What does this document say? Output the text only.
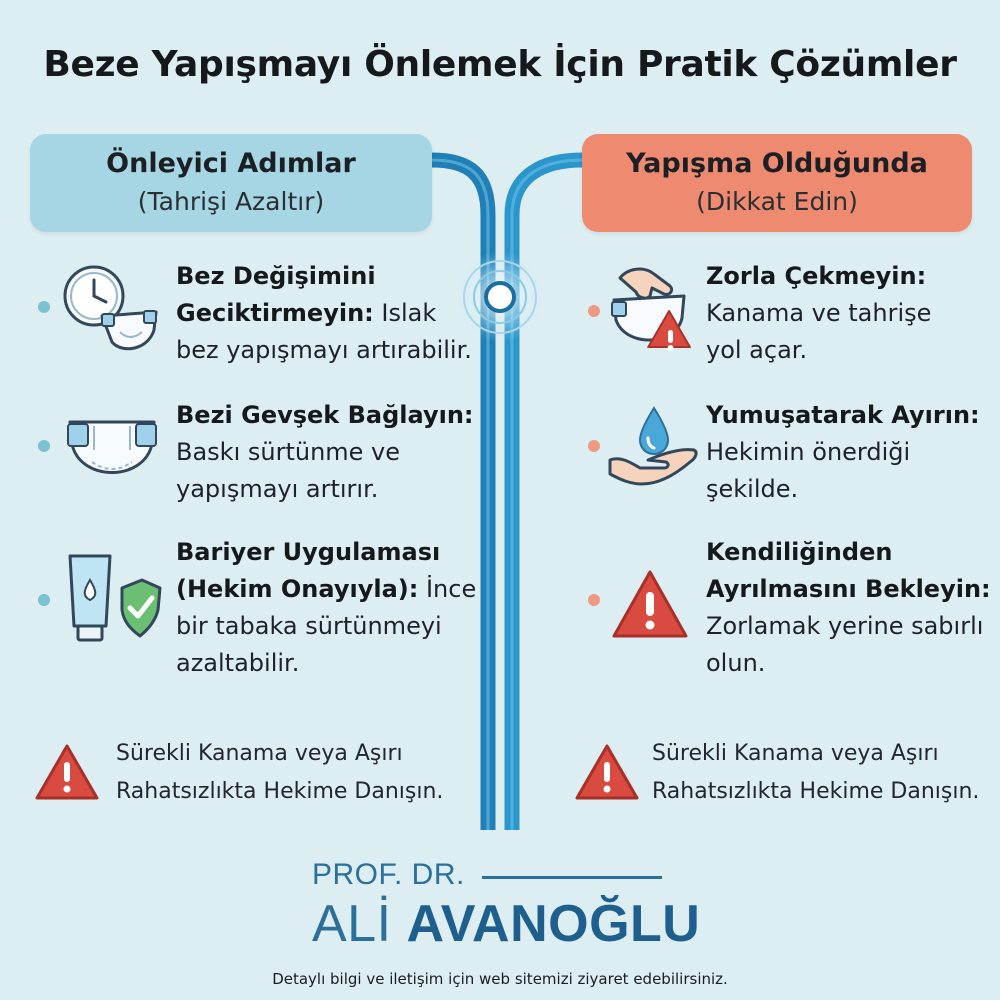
Beze Yapışmayı Önlemek İçin Pratik Çözümler
Önleyici Adımlar
(Tahrişi Azaltır)
Yapışma Olduğunda
(Dikkat Edin)
Bez Değişimini
Geciktirmeyin: Islak
bez yapışmayı artırabilir.
Bezi Gevşek Bağlayın:
Baskı sürtünme ve
yapışmayı artırır.
Bariyer Uygulaması
(Hekim Onayıyla): İnce
bir tabaka sürtünmeyi
azaltabilir.
Sürekli Kanama veya Aşırı
Rahatsızlıkta Hekime Danışın.
Zorla Çekmeyin:
Kanama ve tahrişe
yol açar.
Yumuşatarak Ayırın:
Hekimin önerdiği
şekilde.
Kendiliğinden
Ayrılmasını Bekleyin:
Zorlamak yerine sabırlı
olun.
Sürekli Kanama veya Aşırı
Rahatsızlıkta Hekime Danışın.
PROF. DR.
ALİ AVANOĞLU
Detaylı bilgi ve iletişim için web sitemizi ziyaret edebilirsiniz.
